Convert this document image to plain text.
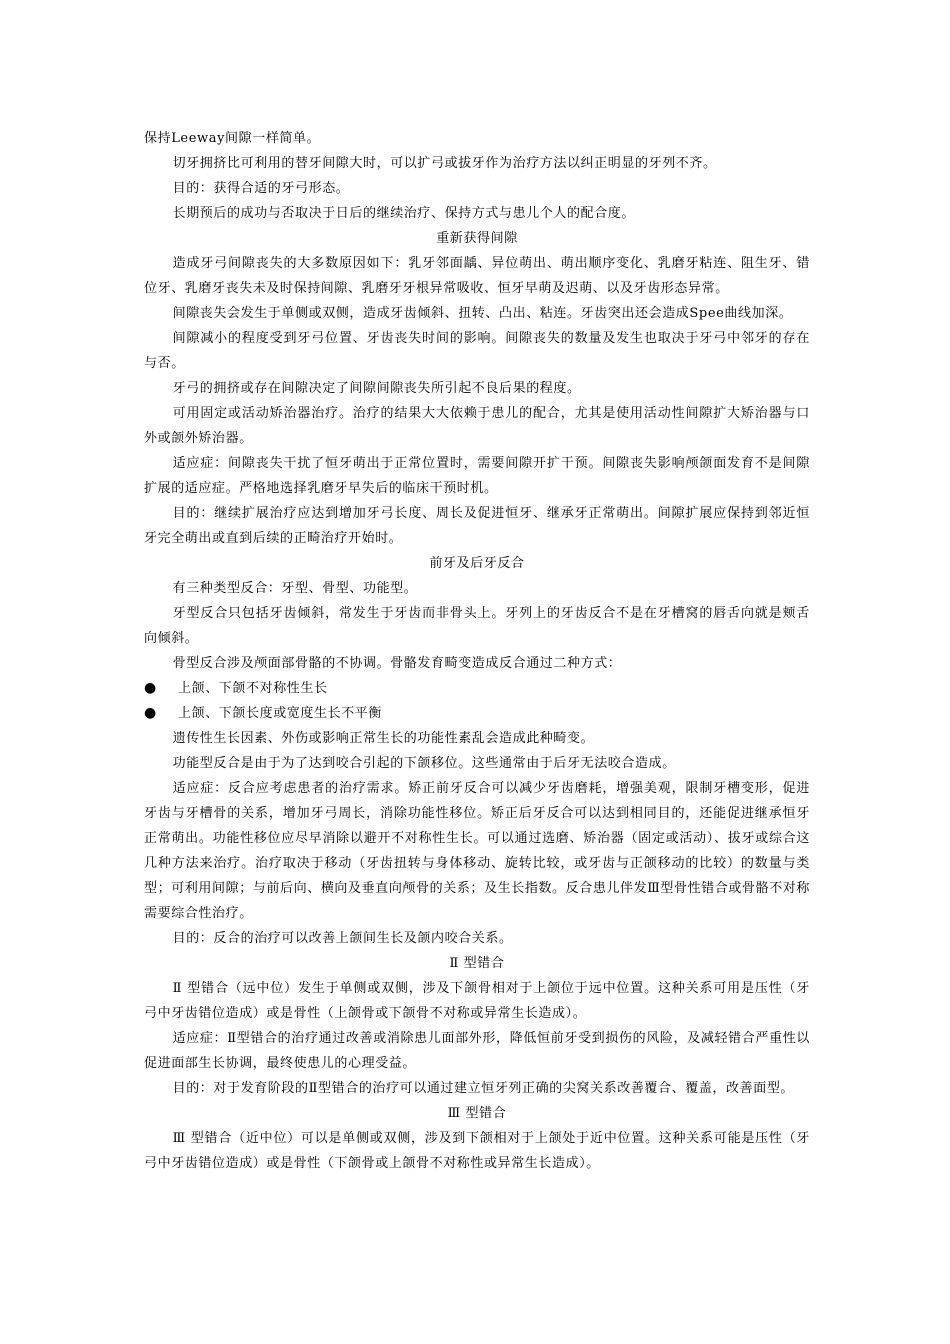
保持Leeway间隙一样简单。

切牙拥挤比可利用的替牙间隙大时，可以扩弓或拔牙作为治疗方法以纠正明显的牙列不齐。

目的：获得合适的牙弓形态。

长期预后的成功与否取决于日后的继续治疗、保持方式与患儿个人的配合度。

重新获得间隙

造成牙弓间隙丧失的大多数原因如下：乳牙邻面龋、异位萌出、萌出顺序变化、乳磨牙粘连、阻生牙、错位牙、乳磨牙丧失未及时保持间隙、乳磨牙牙根异常吸收、恒牙早萌及迟萌、以及牙齿形态异常。

间隙丧失会发生于单侧或双侧，造成牙齿倾斜、扭转、凸出、粘连。牙齿突出还会造成Spee曲线加深。

间隙减小的程度受到牙弓位置、牙齿丧失时间的影响。间隙丧失的数量及发生也取决于牙弓中邻牙的存在与否。

牙弓的拥挤或存在间隙决定了间隙间隙丧失所引起不良后果的程度。

可用固定或活动矫治器治疗。治疗的结果大大依赖于患儿的配合，尤其是使用活动性间隙扩大矫治器与口外或颌外矫治器。

适应症：间隙丧失干扰了恒牙萌出于正常位置时，需要间隙开扩干预。间隙丧失影响颅颌面发育不是间隙扩展的适应症。严格地选择乳磨牙早失后的临床干预时机。

目的：继续扩展治疗应达到增加牙弓长度、周长及促进恒牙、继承牙正常萌出。间隙扩展应保持到邻近恒牙完全萌出或直到后续的正畸治疗开始时。

前牙及后牙反合

有三种类型反合：牙型、骨型、功能型。

牙型反合只包括牙齿倾斜，常发生于牙齿而非骨头上。牙列上的牙齿反合不是在牙槽窝的唇舌向就是颊舌向倾斜。

骨型反合涉及颅面部骨骼的不协调。骨骼发育畸变造成反合通过二种方式：

●	上颌、下颌不对称性生长

●	上颌、下颌长度或宽度生长不平衡

遗传性生长因素、外伤或影响正常生长的功能性素乱会造成此种畸变。

功能型反合是由于为了达到咬合引起的下颌移位。这些通常由于后牙无法咬合造成。

适应症：反合应考虑患者的治疗需求。矫正前牙反合可以减少牙齿磨耗，增强美观，限制牙槽变形，促进牙齿与牙槽骨的关系，增加牙弓周长，消除功能性移位。矫正后牙反合可以达到相同目的，还能促进继承恒牙正常萌出。功能性移位应尽早消除以避开不对称性生长。可以通过选磨、矫治器（固定或活动）、拔牙或综合这几种方法来治疗。治疗取决于移动（牙齿扭转与身体移动、旋转比较，或牙齿与正颌移动的比较）的数量与类型；可利用间隙；与前后向、横向及垂直向颅骨的关系；及生长指数。反合患儿伴发Ⅲ型骨性错合或骨骼不对称需要综合性治疗。

目的：反合的治疗可以改善上颌间生长及颌内咬合关系。

Ⅱ 型错合

Ⅱ 型错合（远中位）发生于单侧或双侧，涉及下颌骨相对于上颌位于远中位置。这种关系可用是压性（牙弓中牙齿错位造成）或是骨性（上颌骨或下颌骨不对称或异常生长造成）。

适应症：Ⅱ型错合的治疗通过改善或消除患儿面部外形，降低恒前牙受到损伤的风险，及减轻错合严重性以促进面部生长协调，最终使患儿的心理受益。

目的：对于发育阶段的Ⅱ型错合的治疗可以通过建立恒牙列正确的尖窝关系改善覆合、覆盖，改善面型。

Ⅲ 型错合

Ⅲ 型错合（近中位）可以是单侧或双侧，涉及到下颌相对于上颌处于近中位置。这种关系可能是压性（牙弓中牙齿错位造成）或是骨性（下颌骨或上颌骨不对称性或异常生长造成）。
